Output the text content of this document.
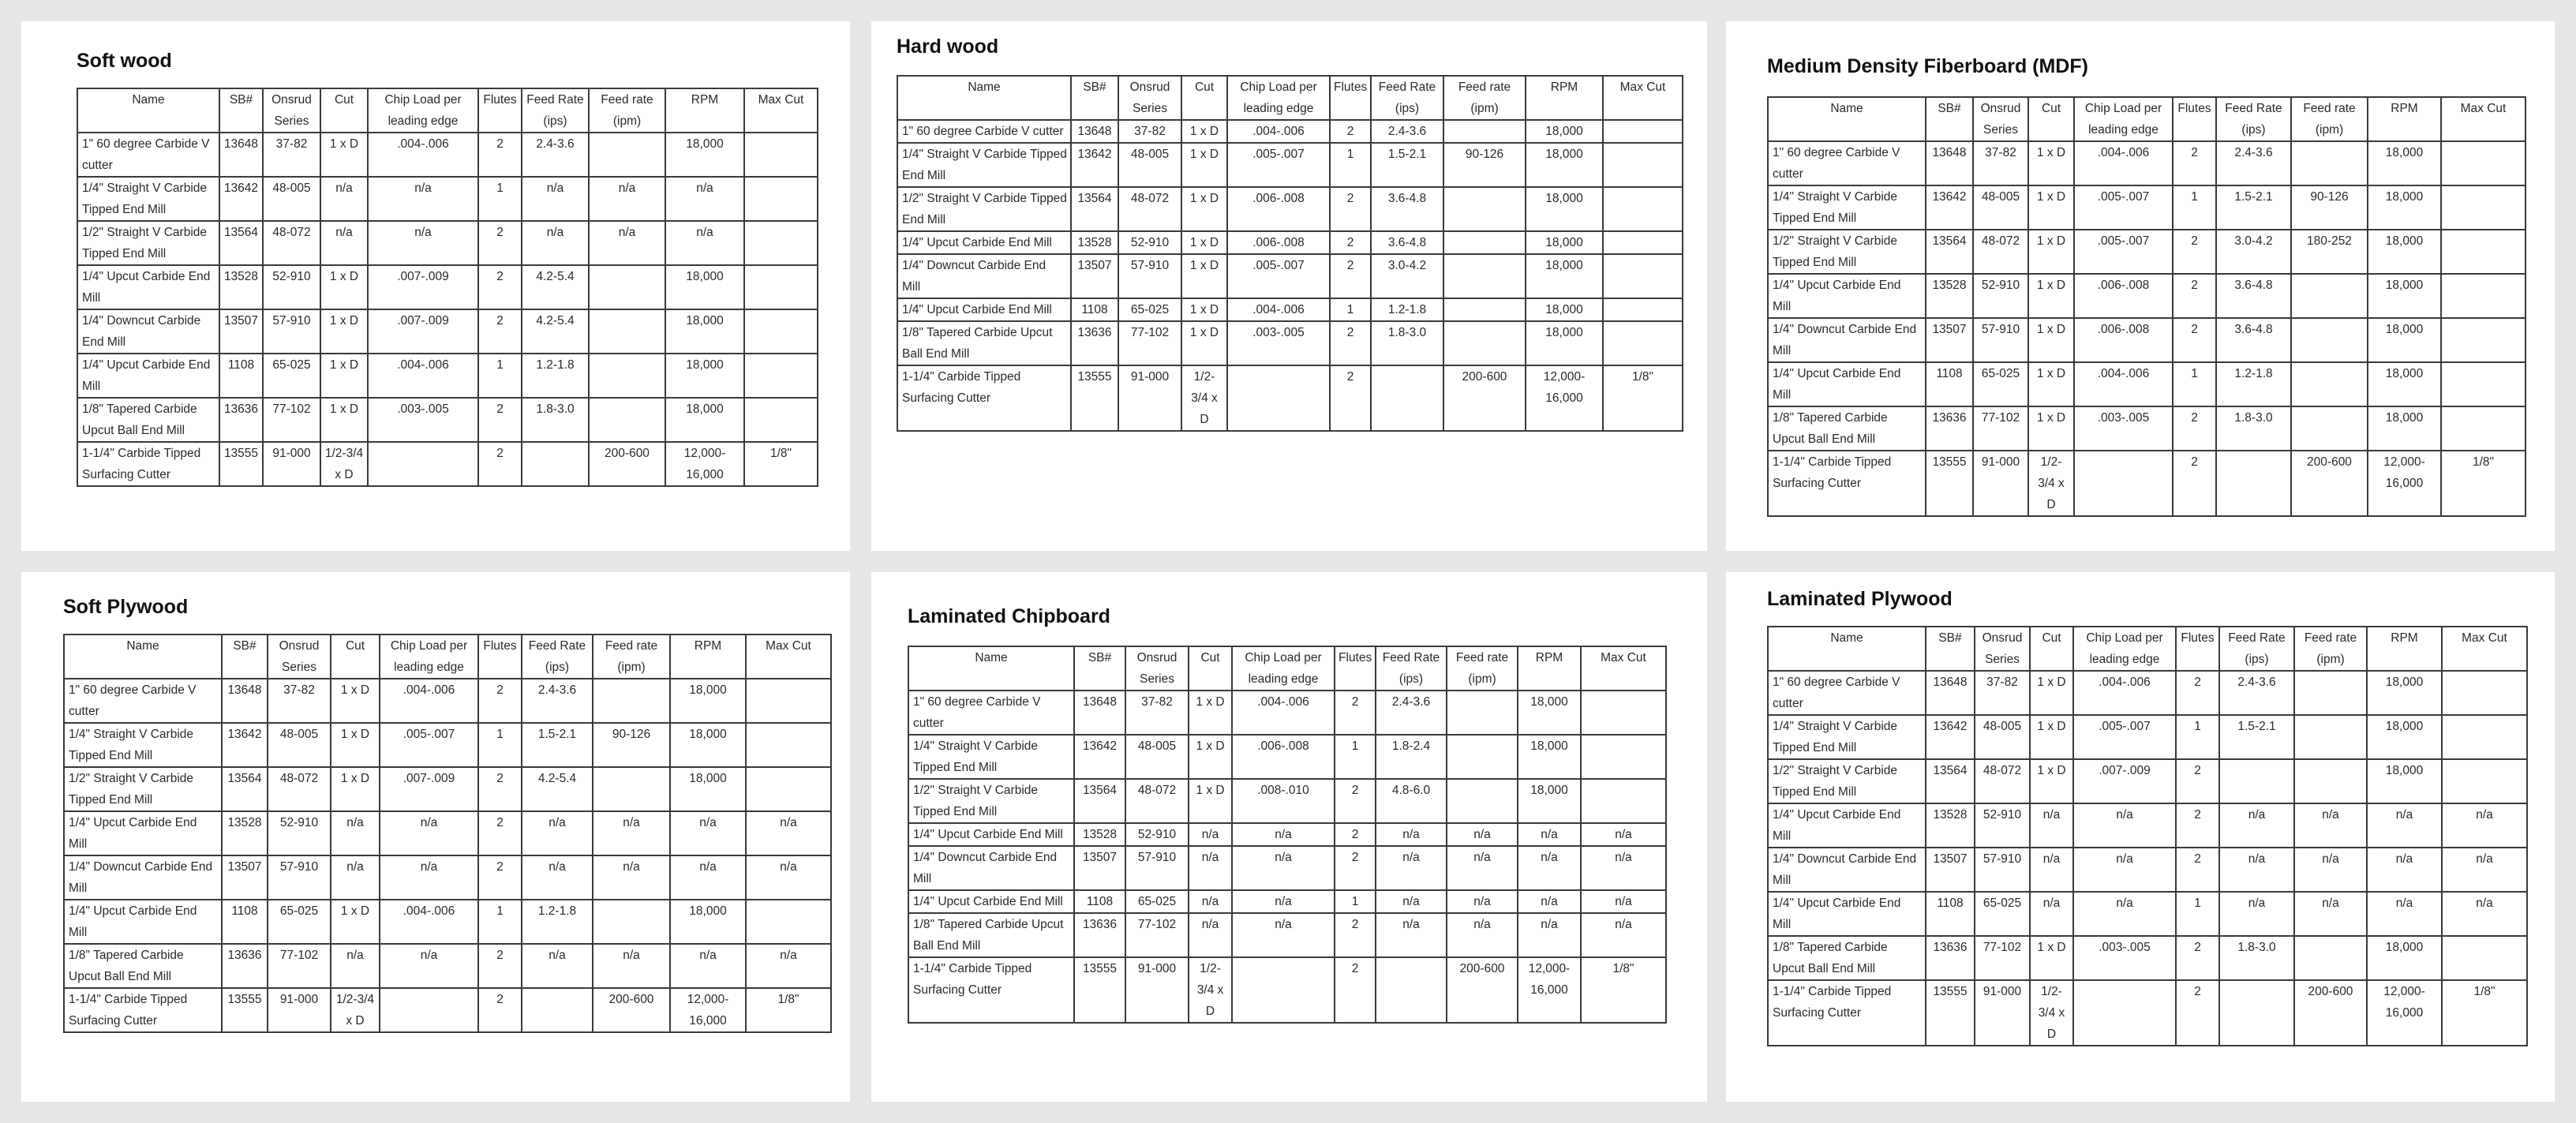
Soft wood
Name	SB#	Onsrud Series	Cut	Chip Load per leading edge	Flutes	Feed Rate (ips)	Feed rate (ipm)	RPM	Max Cut
1" 60 degree Carbide V cutter	13648	37-82	1 x D	.004-.006	2	2.4-3.6		18,000	
1/4" Straight V Carbide Tipped End Mill	13642	48-005	n/a	n/a	1	n/a	n/a	n/a	
1/2" Straight V Carbide Tipped End Mill	13564	48-072	n/a	n/a	2	n/a	n/a	n/a	
1/4" Upcut Carbide End Mill	13528	52-910	1 x D	.007-.009	2	4.2-5.4		18,000	
1/4" Downcut Carbide End Mill	13507	57-910	1 x D	.007-.009	2	4.2-5.4		18,000	
1/4" Upcut Carbide End Mill	1108	65-025	1 x D	.004-.006	1	1.2-1.8		18,000	
1/8" Tapered Carbide Upcut Ball End Mill	13636	77-102	1 x D	.003-.005	2	1.8-3.0		18,000	
1-1/4" Carbide Tipped Surfacing Cutter	13555	91-000	1/2-3/4 x D		2		200-600	12,000-16,000	1/8"
Hard wood
Name	SB#	Onsrud Series	Cut	Chip Load per leading edge	Flutes	Feed Rate (ips)	Feed rate (ipm)	RPM	Max Cut
1" 60 degree Carbide V cutter	13648	37-82	1 x D	.004-.006	2	2.4-3.6		18,000	
1/4" Straight V Carbide Tipped End Mill	13642	48-005	1 x D	.005-.007	1	1.5-2.1	90-126	18,000	
1/2" Straight V Carbide Tipped End Mill	13564	48-072	1 x D	.006-.008	2	3.6-4.8		18,000	
1/4" Upcut Carbide End Mill	13528	52-910	1 x D	.006-.008	2	3.6-4.8		18,000	
1/4" Downcut Carbide End Mill	13507	57-910	1 x D	.005-.007	2	3.0-4.2		18,000	
1/4" Upcut Carbide End Mill	1108	65-025	1 x D	.004-.006	1	1.2-1.8		18,000	
1/8" Tapered Carbide Upcut Ball End Mill	13636	77-102	1 x D	.003-.005	2	1.8-3.0		18,000	
1-1/4" Carbide Tipped Surfacing Cutter	13555	91-000	1/2-3/4 x D		2		200-600	12,000-16,000	1/8"
Medium Density Fiberboard (MDF)
Name	SB#	Onsrud Series	Cut	Chip Load per leading edge	Flutes	Feed Rate (ips)	Feed rate (ipm)	RPM	Max Cut
1" 60 degree Carbide V cutter	13648	37-82	1 x D	.004-.006	2	2.4-3.6		18,000	
1/4" Straight V Carbide Tipped End Mill	13642	48-005	1 x D	.005-.007	1	1.5-2.1	90-126	18,000	
1/2" Straight V Carbide Tipped End Mill	13564	48-072	1 x D	.005-.007	2	3.0-4.2	180-252	18,000	
1/4" Upcut Carbide End Mill	13528	52-910	1 x D	.006-.008	2	3.6-4.8		18,000	
1/4" Downcut Carbide End Mill	13507	57-910	1 x D	.006-.008	2	3.6-4.8		18,000	
1/4" Upcut Carbide End Mill	1108	65-025	1 x D	.004-.006	1	1.2-1.8		18,000	
1/8" Tapered Carbide Upcut Ball End Mill	13636	77-102	1 x D	.003-.005	2	1.8-3.0		18,000	
1-1/4" Carbide Tipped Surfacing Cutter	13555	91-000	1/2-3/4 x D		2		200-600	12,000-16,000	1/8"
Soft Plywood
Name	SB#	Onsrud Series	Cut	Chip Load per leading edge	Flutes	Feed Rate (ips)	Feed rate (ipm)	RPM	Max Cut
1" 60 degree Carbide V cutter	13648	37-82	1 x D	.004-.006	2	2.4-3.6		18,000	
1/4" Straight V Carbide Tipped End Mill	13642	48-005	1 x D	.005-.007	1	1.5-2.1	90-126	18,000	
1/2" Straight V Carbide Tipped End Mill	13564	48-072	1 x D	.007-.009	2	4.2-5.4		18,000	
1/4" Upcut Carbide End Mill	13528	52-910	n/a	n/a	2	n/a	n/a	n/a	n/a
1/4" Downcut Carbide End Mill	13507	57-910	n/a	n/a	2	n/a	n/a	n/a	n/a
1/4" Upcut Carbide End Mill	1108	65-025	1 x D	.004-.006	1	1.2-1.8		18,000	
1/8" Tapered Carbide Upcut Ball End Mill	13636	77-102	n/a	n/a	2	n/a	n/a	n/a	n/a
1-1/4" Carbide Tipped Surfacing Cutter	13555	91-000	1/2-3/4 x D		2		200-600	12,000-16,000	1/8"
Laminated Chipboard
Name	SB#	Onsrud Series	Cut	Chip Load per leading edge	Flutes	Feed Rate (ips)	Feed rate (ipm)	RPM	Max Cut
1" 60 degree Carbide V cutter	13648	37-82	1 x D	.004-.006	2	2.4-3.6		18,000	
1/4" Straight V Carbide Tipped End Mill	13642	48-005	1 x D	.006-.008	1	1.8-2.4		18,000	
1/2" Straight V Carbide Tipped End Mill	13564	48-072	1 x D	.008-.010	2	4.8-6.0		18,000	
1/4" Upcut Carbide End Mill	13528	52-910	n/a	n/a	2	n/a	n/a	n/a	n/a
1/4" Downcut Carbide End Mill	13507	57-910	n/a	n/a	2	n/a	n/a	n/a	n/a
1/4" Upcut Carbide End Mill	1108	65-025	n/a	n/a	1	n/a	n/a	n/a	n/a
1/8" Tapered Carbide Upcut Ball End Mill	13636	77-102	n/a	n/a	2	n/a	n/a	n/a	n/a
1-1/4" Carbide Tipped Surfacing Cutter	13555	91-000	1/2-3/4 x D		2		200-600	12,000-16,000	1/8"
Laminated Plywood
Name	SB#	Onsrud Series	Cut	Chip Load per leading edge	Flutes	Feed Rate (ips)	Feed rate (ipm)	RPM	Max Cut
1" 60 degree Carbide V cutter	13648	37-82	1 x D	.004-.006	2	2.4-3.6		18,000	
1/4" Straight V Carbide Tipped End Mill	13642	48-005	1 x D	.005-.007	1	1.5-2.1		18,000	
1/2" Straight V Carbide Tipped End Mill	13564	48-072	1 x D	.007-.009	2			18,000	
1/4" Upcut Carbide End Mill	13528	52-910	n/a	n/a	2	n/a	n/a	n/a	n/a
1/4" Downcut Carbide End Mill	13507	57-910	n/a	n/a	2	n/a	n/a	n/a	n/a
1/4" Upcut Carbide End Mill	1108	65-025	n/a	n/a	1	n/a	n/a	n/a	n/a
1/8" Tapered Carbide Upcut Ball End Mill	13636	77-102	1 x D	.003-.005	2	1.8-3.0		18,000	
1-1/4" Carbide Tipped Surfacing Cutter	13555	91-000	1/2-3/4 x D		2		200-600	12,000-16,000	1/8"
